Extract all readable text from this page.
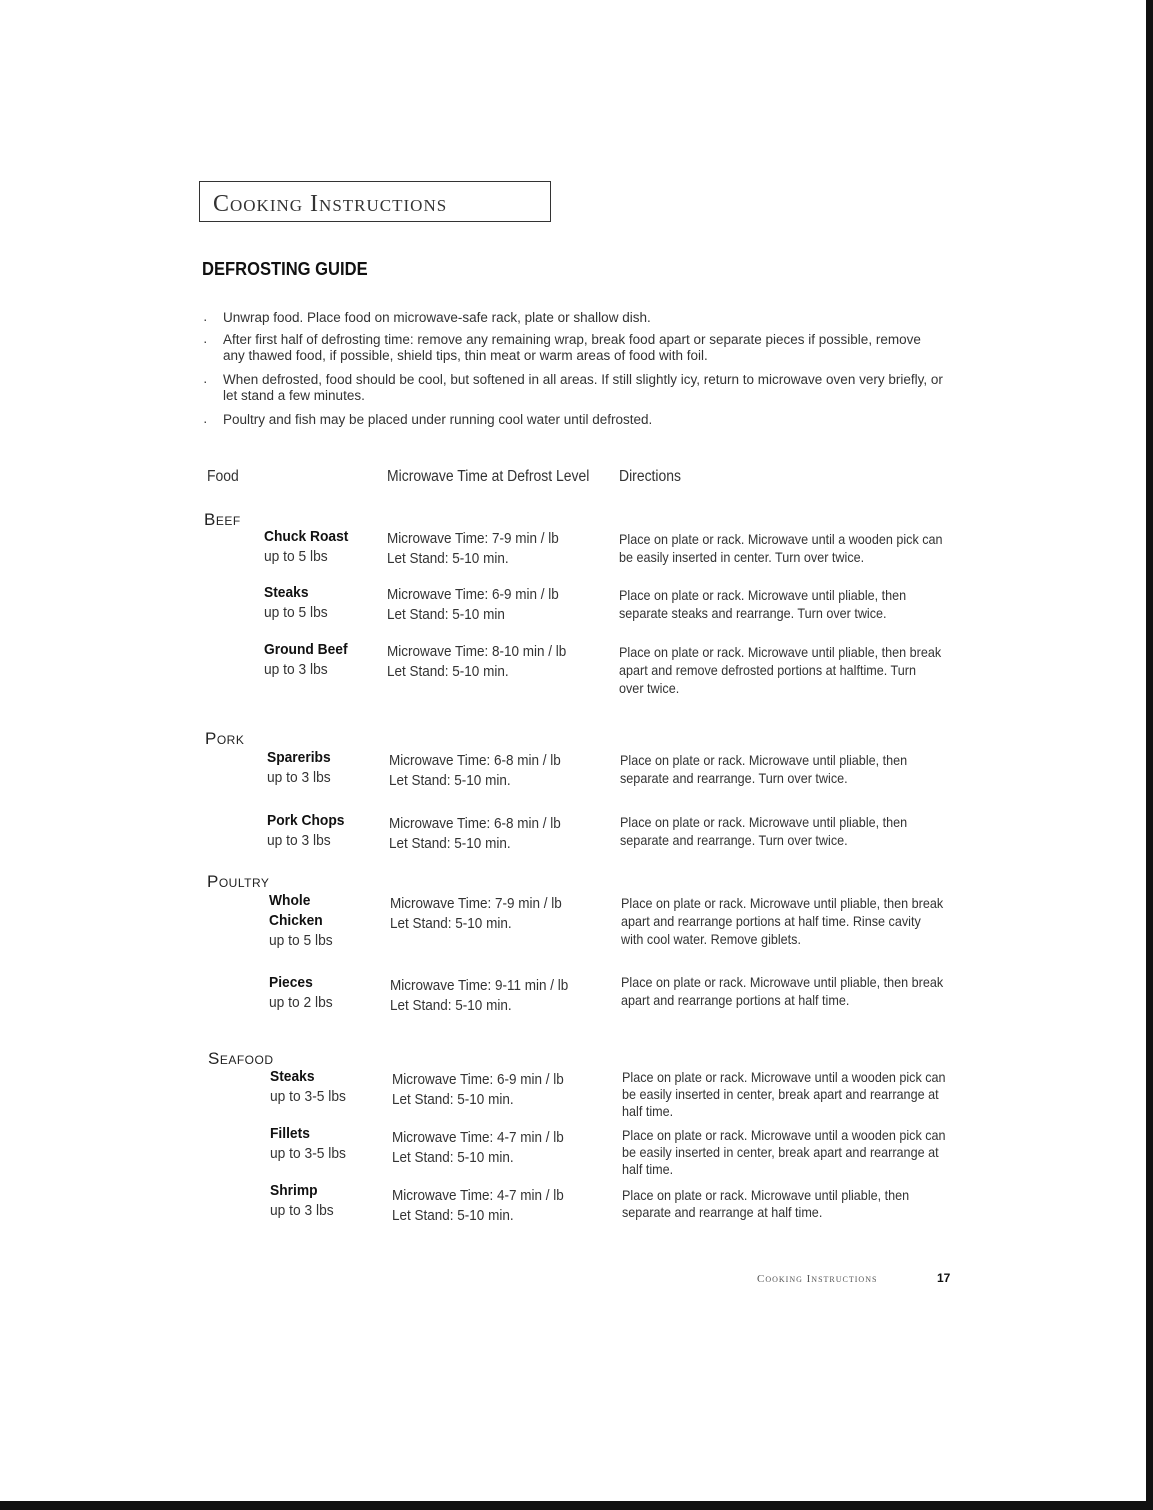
Cooking Instructions
DEFROSTING GUIDE
· Unwrap food. Place food on microwave-safe rack, plate or shallow dish.
· After first half of defrosting time: remove any remaining wrap, break food apart or separate pieces if possible, remove any thawed food, if possible, shield tips, thin meat or warm areas of food with foil.
· When defrosted, food should be cool, but softened in all areas. If still slightly icy, return to microwave oven very briefly, or let stand a few minutes.
· Poultry and fish may be placed under running cool water until defrosted.
Food	Microwave Time at Defrost Level Directions
Beef
Chuck Roast
up to 5 lbs
Microwave Time: 7-9 min / lb
Let Stand: 5-10 min.
Place on plate or rack. Microwave until a wooden pick can be easily inserted in center. Turn over twice.
Steaks
up to 5 lbs
Microwave Time: 6-9 min / lb
Let Stand: 5-10 min
Place on plate or rack. Microwave until pliable, then separate steaks and rearrange. Turn over twice.
Ground Beef
up to 3 lbs
Microwave Time: 8-10 min / lb
Let Stand: 5-10 min.
Place on plate or rack. Microwave until pliable, then break apart and remove defrosted portions at halftime. Turn over twice.
Pork
Spareribs
up to 3 lbs
Microwave Time: 6-8 min / lb
Let Stand: 5-10 min.
Place on plate or rack. Microwave until pliable, then separate and rearrange. Turn over twice.
Pork Chops
up to 3 lbs
Microwave Time: 6-8 min / lb
Let Stand: 5-10 min.
Place on plate or rack. Microwave until pliable, then separate and rearrange. Turn over twice.
Poultry
Whole Chicken
up to 5 lbs
Microwave Time: 7-9 min / lb
Let Stand: 5-10 min.
Place on plate or rack. Microwave until pliable, then break apart and rearrange portions at half time. Rinse cavity with cool water. Remove giblets.
Pieces
up to 2 lbs
Microwave Time: 9-11 min / lb
Let Stand: 5-10 min.
Place on plate or rack. Microwave until pliable, then break apart and rearrange portions at half time.
Seafood
Steaks
up to 3-5 lbs
Microwave Time: 6-9 min / lb
Let Stand: 5-10 min.
Place on plate or rack. Microwave until a wooden pick can be easily inserted in center, break apart and rearrange at half time.
Fillets
up to 3-5 lbs
Microwave Time: 4-7 min / lb
Let Stand: 5-10 min.
Place on plate or rack. Microwave until a wooden pick can be easily inserted in center, break apart and rearrange at half time.
Shrimp
up to 3 lbs
Microwave Time: 4-7 min / lb
Let Stand: 5-10 min.
Place on plate or rack. Microwave until pliable, then separate and rearrange at half time.
Cooking Instructions	17
